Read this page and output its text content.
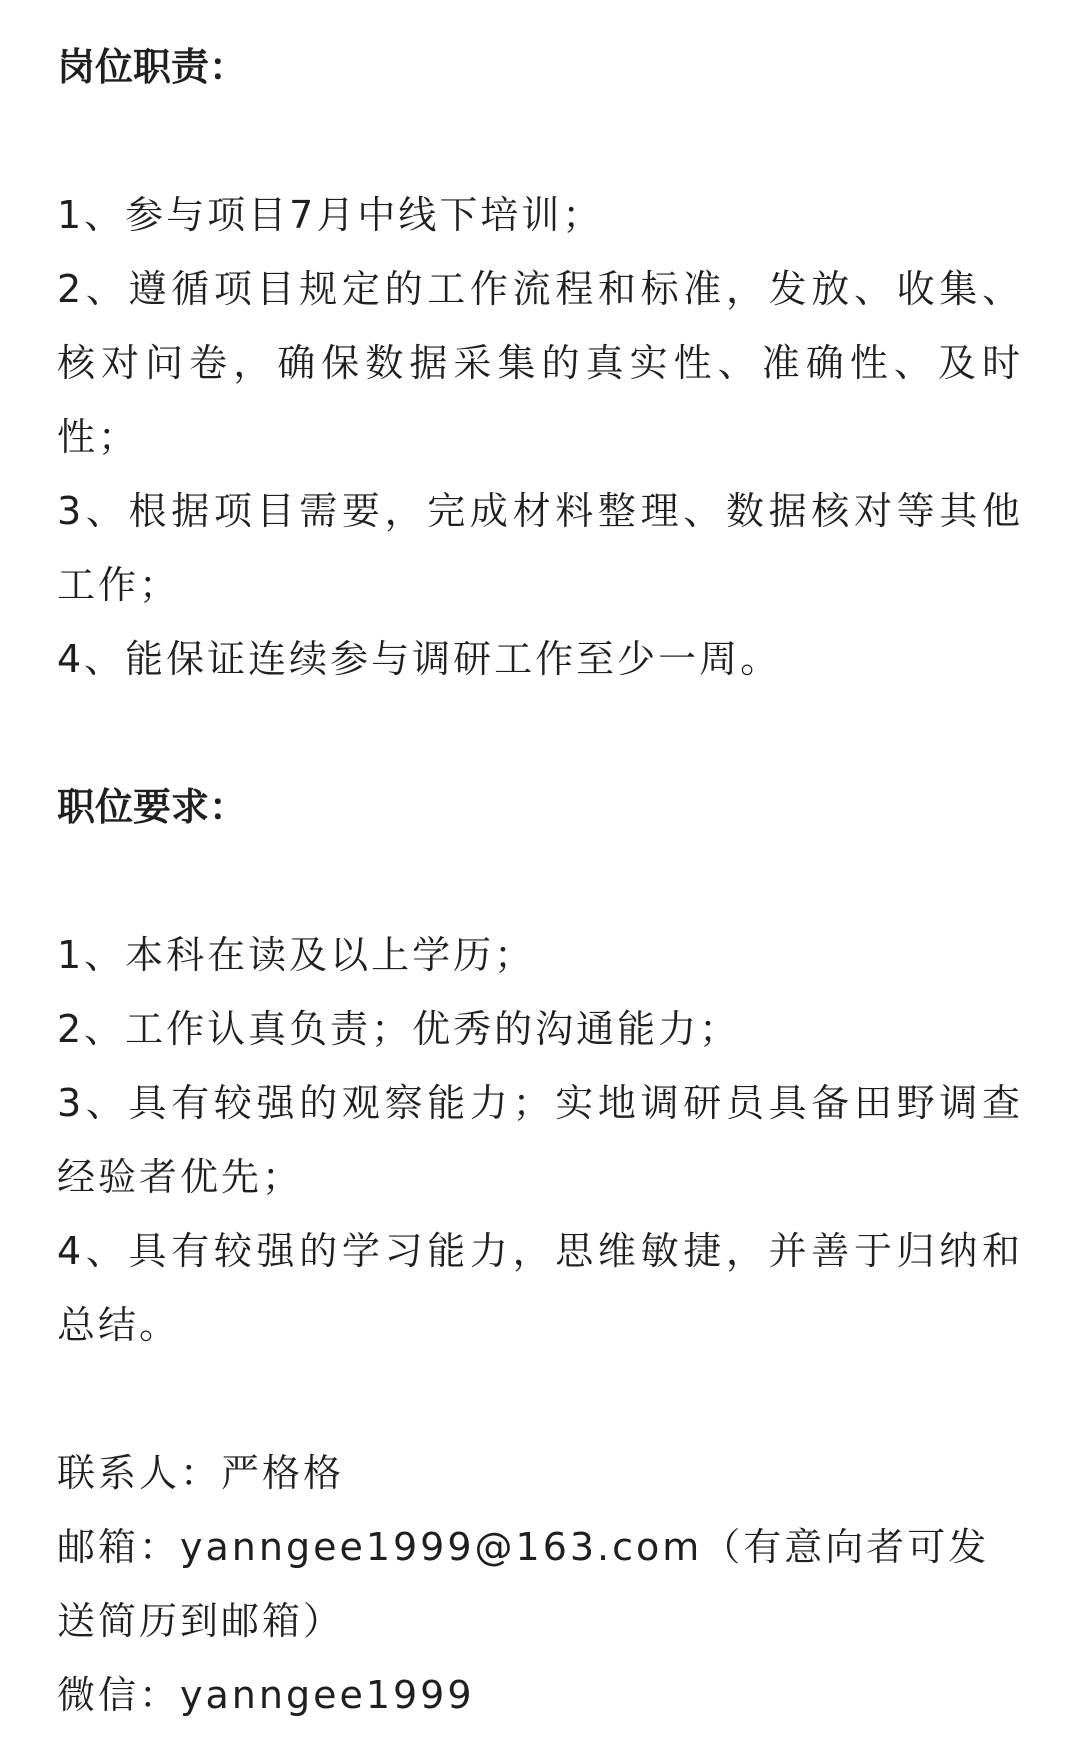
岗位职责：
1、参与项目7月中线下培训；
2、遵循项目规定的工作流程和标准，发放、收集、核对问卷，确保数据采集的真实性、准确性、及时性；
3、根据项目需要，完成材料整理、数据核对等其他工作；
4、能保证连续参与调研工作至少一周。
职位要求：
1、本科在读及以上学历；
2、工作认真负责；优秀的沟通能力；
3、具有较强的观察能力；实地调研员具备田野调查经验者优先；
4、具有较强的学习能力，思维敏捷，并善于归纳和总结。

联系人：严格格

邮箱：yanngee1999@163.com（有意向者可发送简历到邮箱）

微信：yanngee1999
